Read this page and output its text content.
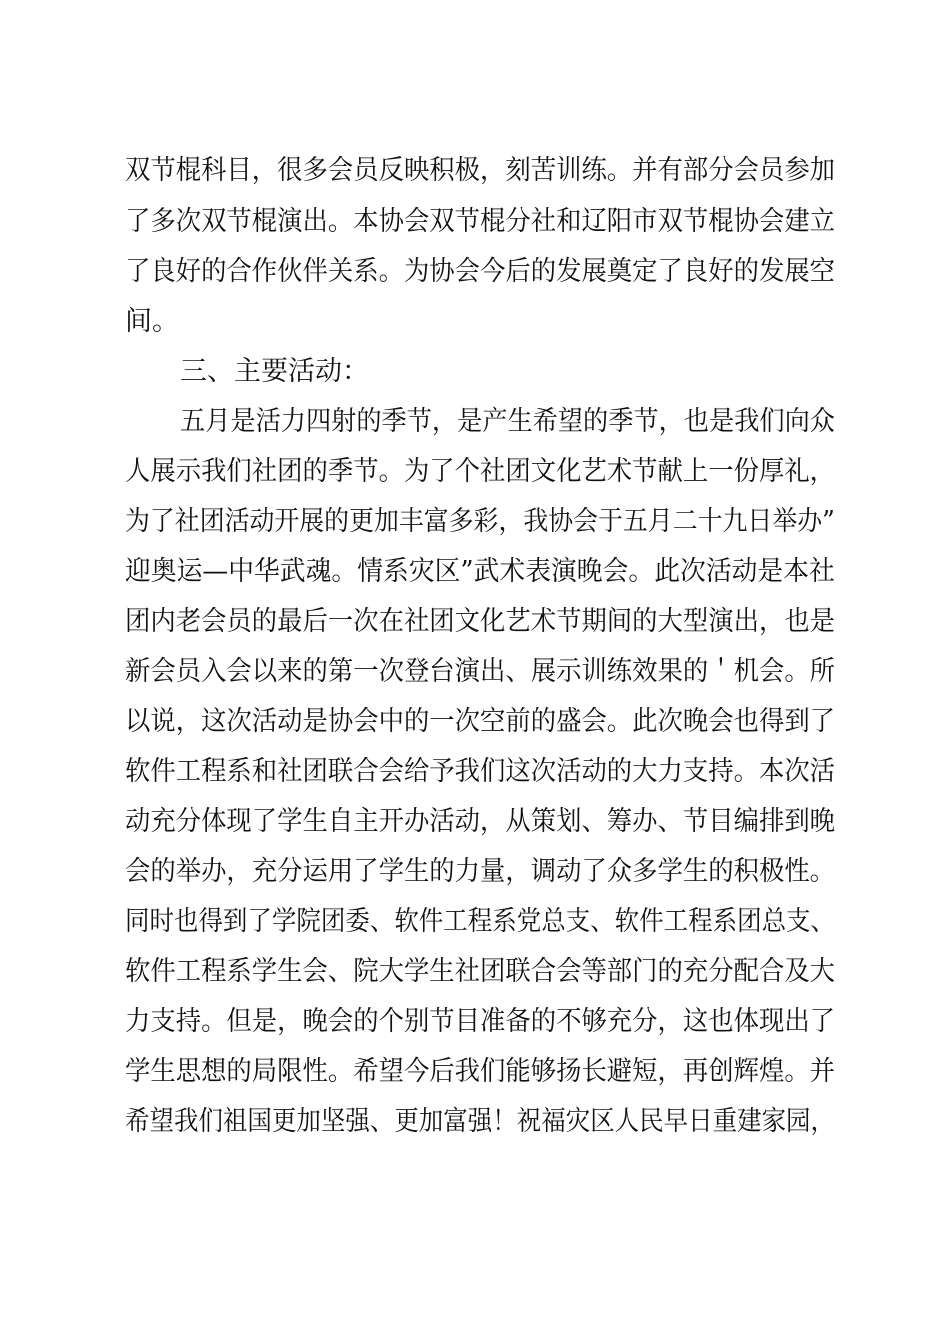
双节棍科目，很多会员反映积极，刻苦训练。并有部分会员参加
了多次双节棍演出。本协会双节棍分社和辽阳市双节棍协会建立
了良好的合作伙伴关系。为协会今后的发展奠定了良好的发展空
间。
三、主要活动：
五月是活力四射的季节，是产生希望的季节，也是我们向众
人展示我们社团的季节。为了个社团文化艺术节献上一份厚礼，
为了社团活动开展的更加丰富多彩，我协会于五月二十九日举办”
迎奥运—中华武魂。情系灾区”武术表演晚会。此次活动是本社
团内老会员的最后一次在社团文化艺术节期间的大型演出，也是
新会员入会以来的第一次登台演出、展示训练效果的＇机会。所
以说，这次活动是协会中的一次空前的盛会。此次晚会也得到了
软件工程系和社团联合会给予我们这次活动的大力支持。本次活
动充分体现了学生自主开办活动，从策划、筹办、节目编排到晚
会的举办，充分运用了学生的力量，调动了众多学生的积极性。
同时也得到了学院团委、软件工程系党总支、软件工程系团总支、
软件工程系学生会、院大学生社团联合会等部门的充分配合及大
力支持。但是，晚会的个别节目准备的不够充分，这也体现出了
学生思想的局限性。希望今后我们能够扬长避短，再创辉煌。并
希望我们祖国更加坚强、更加富强！祝福灾区人民早日重建家园，
